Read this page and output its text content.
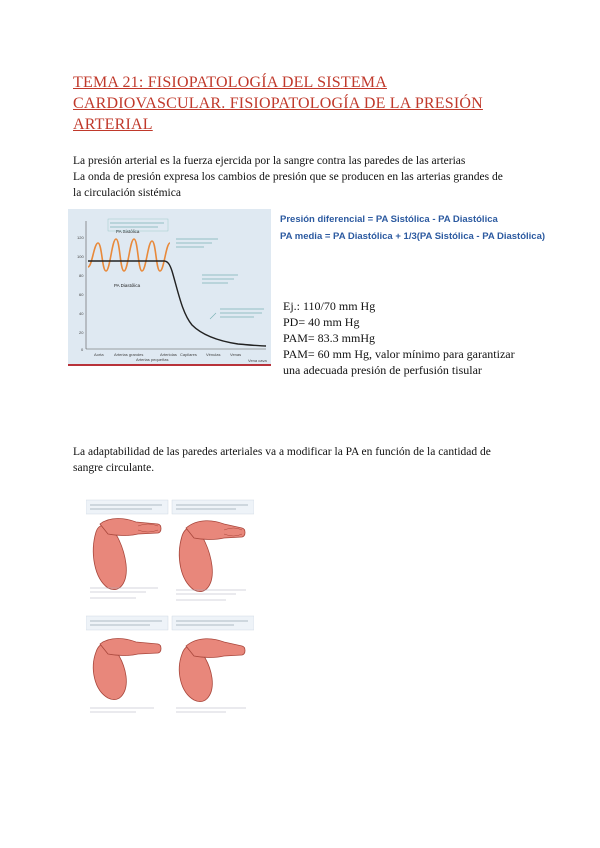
TEMA 21: FISIOPATOLOGÍA DEL SISTEMA
CARDIOVASCULAR. FISIOPATOLOGÍA DE LA PRESIÓN
ARTERIAL
La presión arterial es la fuerza ejercida por la sangre contra las paredes de las arterias
La onda de presión expresa los cambios de presión que se producen en las arterias grandes de
la circulación sistémica
120
100
80
60
40
20
0
PA Sistólica
PA Diastólica
Aorta	Arterias grandes
Arterias pequeñas
Arteriolas Capilares Vénulas Venas
Vena cava
Presión diferencial = PA Sistólica - PA Diastólica
PA media = PA Diastólica + 1/3(PA Sistólica - PA Diastólica)
Ej.: 110/70 mm Hg
PD= 40 mm Hg
PAM= 83.3 mmHg
PAM= 60 mm Hg, valor mínimo para garantizar
una adecuada presión de perfusión tisular
La adaptabilidad de las paredes arteriales va a modificar la PA en función de la cantidad de
sangre circulante.
